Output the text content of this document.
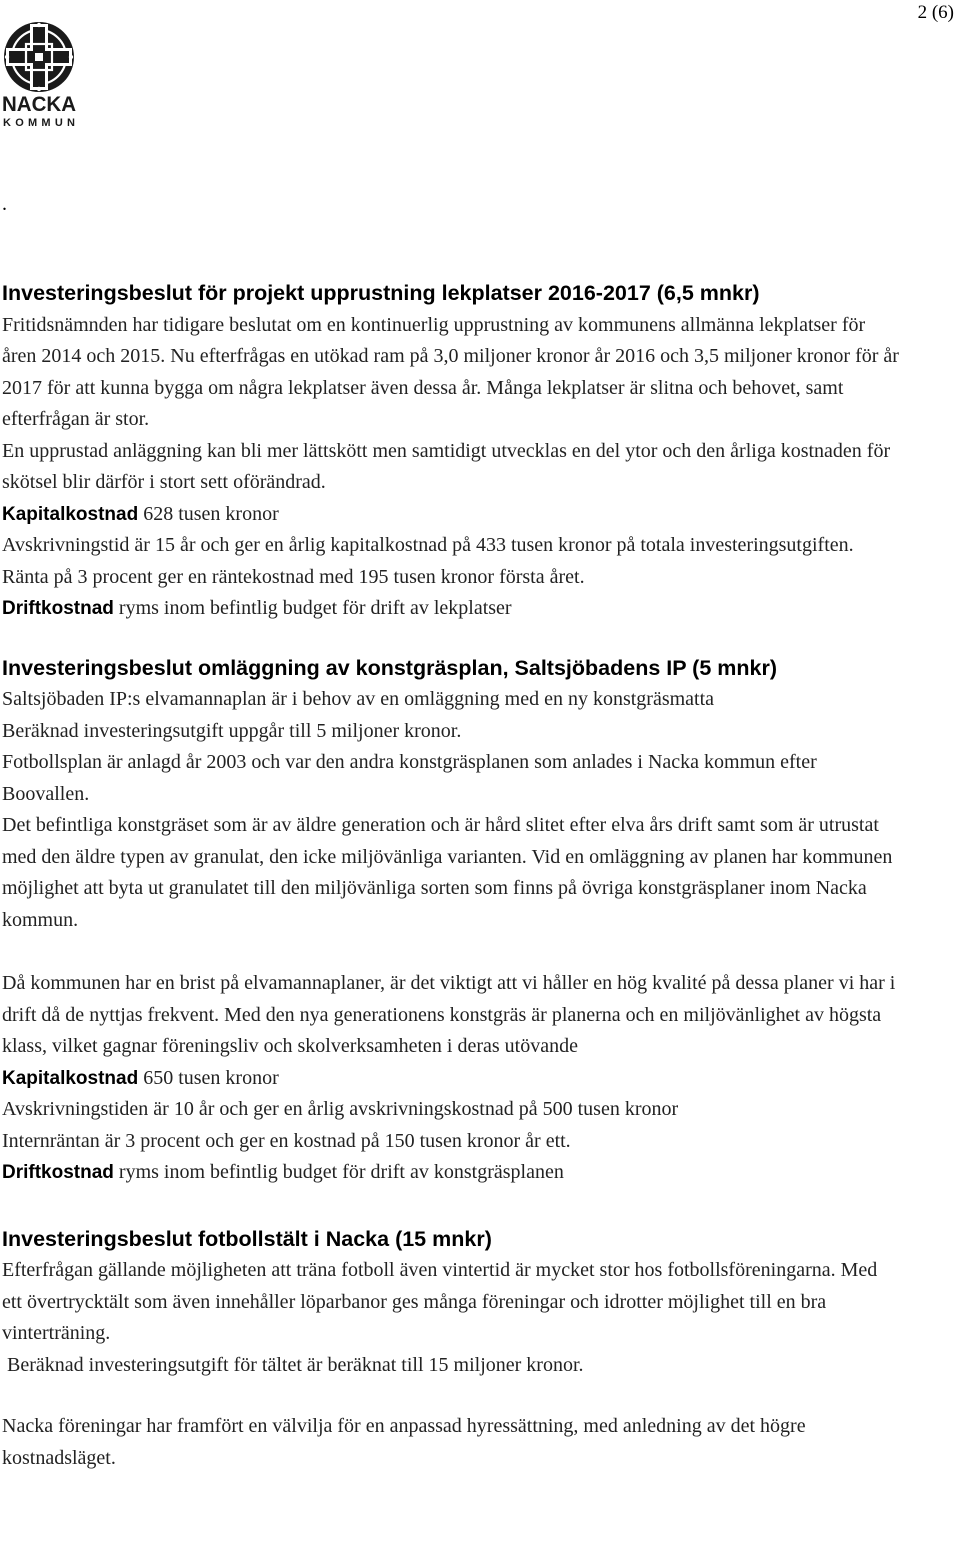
2 (6)
NACKA
KOMMUN
.

Investeringsbeslut för projekt upprustning lekplatser 2016-2017 (6,5 mnkr)

Fritidsnämnden har tidigare beslutat om en kontinuerlig upprustning av kommunens allmänna lekplatser för åren 2014 och 2015. Nu efterfrågas en utökad ram på 3,0 miljoner kronor år 2016 och 3,5 miljoner kronor för år 2017 för att kunna bygga om några lekplatser även dessa år. Många lekplatser är slitna och behovet, samt efterfrågan är stor.

En upprustad anläggning kan bli mer lättskött men samtidigt utvecklas en del ytor och den årliga kostnaden för skötsel blir därför i stort sett oförändrad.

Kapitalkostnad 628 tusen kronor

Avskrivningstid är 15 år och ger en årlig kapitalkostnad på 433 tusen kronor på totala investeringsutgiften. Ränta på 3 procent ger en räntekostnad med 195 tusen kronor första året.

Driftkostnad ryms inom befintlig budget för drift av lekplatser

Investeringsbeslut omläggning av konstgräsplan, Saltsjöbadens IP (5 mnkr)

Saltsjöbaden IP:s elvamannaplan är i behov av en omläggning med en ny konstgräsmatta

Beräknad investeringsutgift uppgår till 5 miljoner kronor.

Fotbollsplan är anlagd år 2003 och var den andra konstgräsplanen som anlades i Nacka kommun efter Boovallen.

Det befintliga konstgräset som är av äldre generation och är hård slitet efter elva års drift samt som är utrustat med den äldre typen av granulat, den icke miljövänliga varianten. Vid en omläggning av planen har kommunen möjlighet att byta ut granulatet till den miljövänliga sorten som finns på övriga konstgräsplaner inom Nacka kommun.

Då kommunen har en brist på elvamannaplaner, är det viktigt att vi håller en hög kvalité på dessa planer vi har i drift då de nyttjas frekvent. Med den nya generationens konstgräs är planerna och en miljövänlighet av högsta klass, vilket gagnar föreningsliv och skolverksamheten i deras utövande

Kapitalkostnad 650 tusen kronor

Avskrivningstiden är 10 år och ger en årlig avskrivningskostnad på 500 tusen kronor

Internräntan är 3 procent och ger en kostnad på 150 tusen kronor år ett.

Driftkostnad ryms inom befintlig budget för drift av konstgräsplanen

Investeringsbeslut fotbollstält i Nacka (15 mnkr)

Efterfrågan gällande möjligheten att träna fotboll även vintertid är mycket stor hos fotbollsföreningarna. Med ett övertrycktält som även innehåller löparbanor ges många föreningar och idrotter möjlighet till en bra vinterträning.

Beräknad investeringsutgift för tältet är beräknat till 15 miljoner kronor.

Nacka föreningar har framfört en välvilja för en anpassad hyressättning, med anledning av det högre kostnadsläget.
